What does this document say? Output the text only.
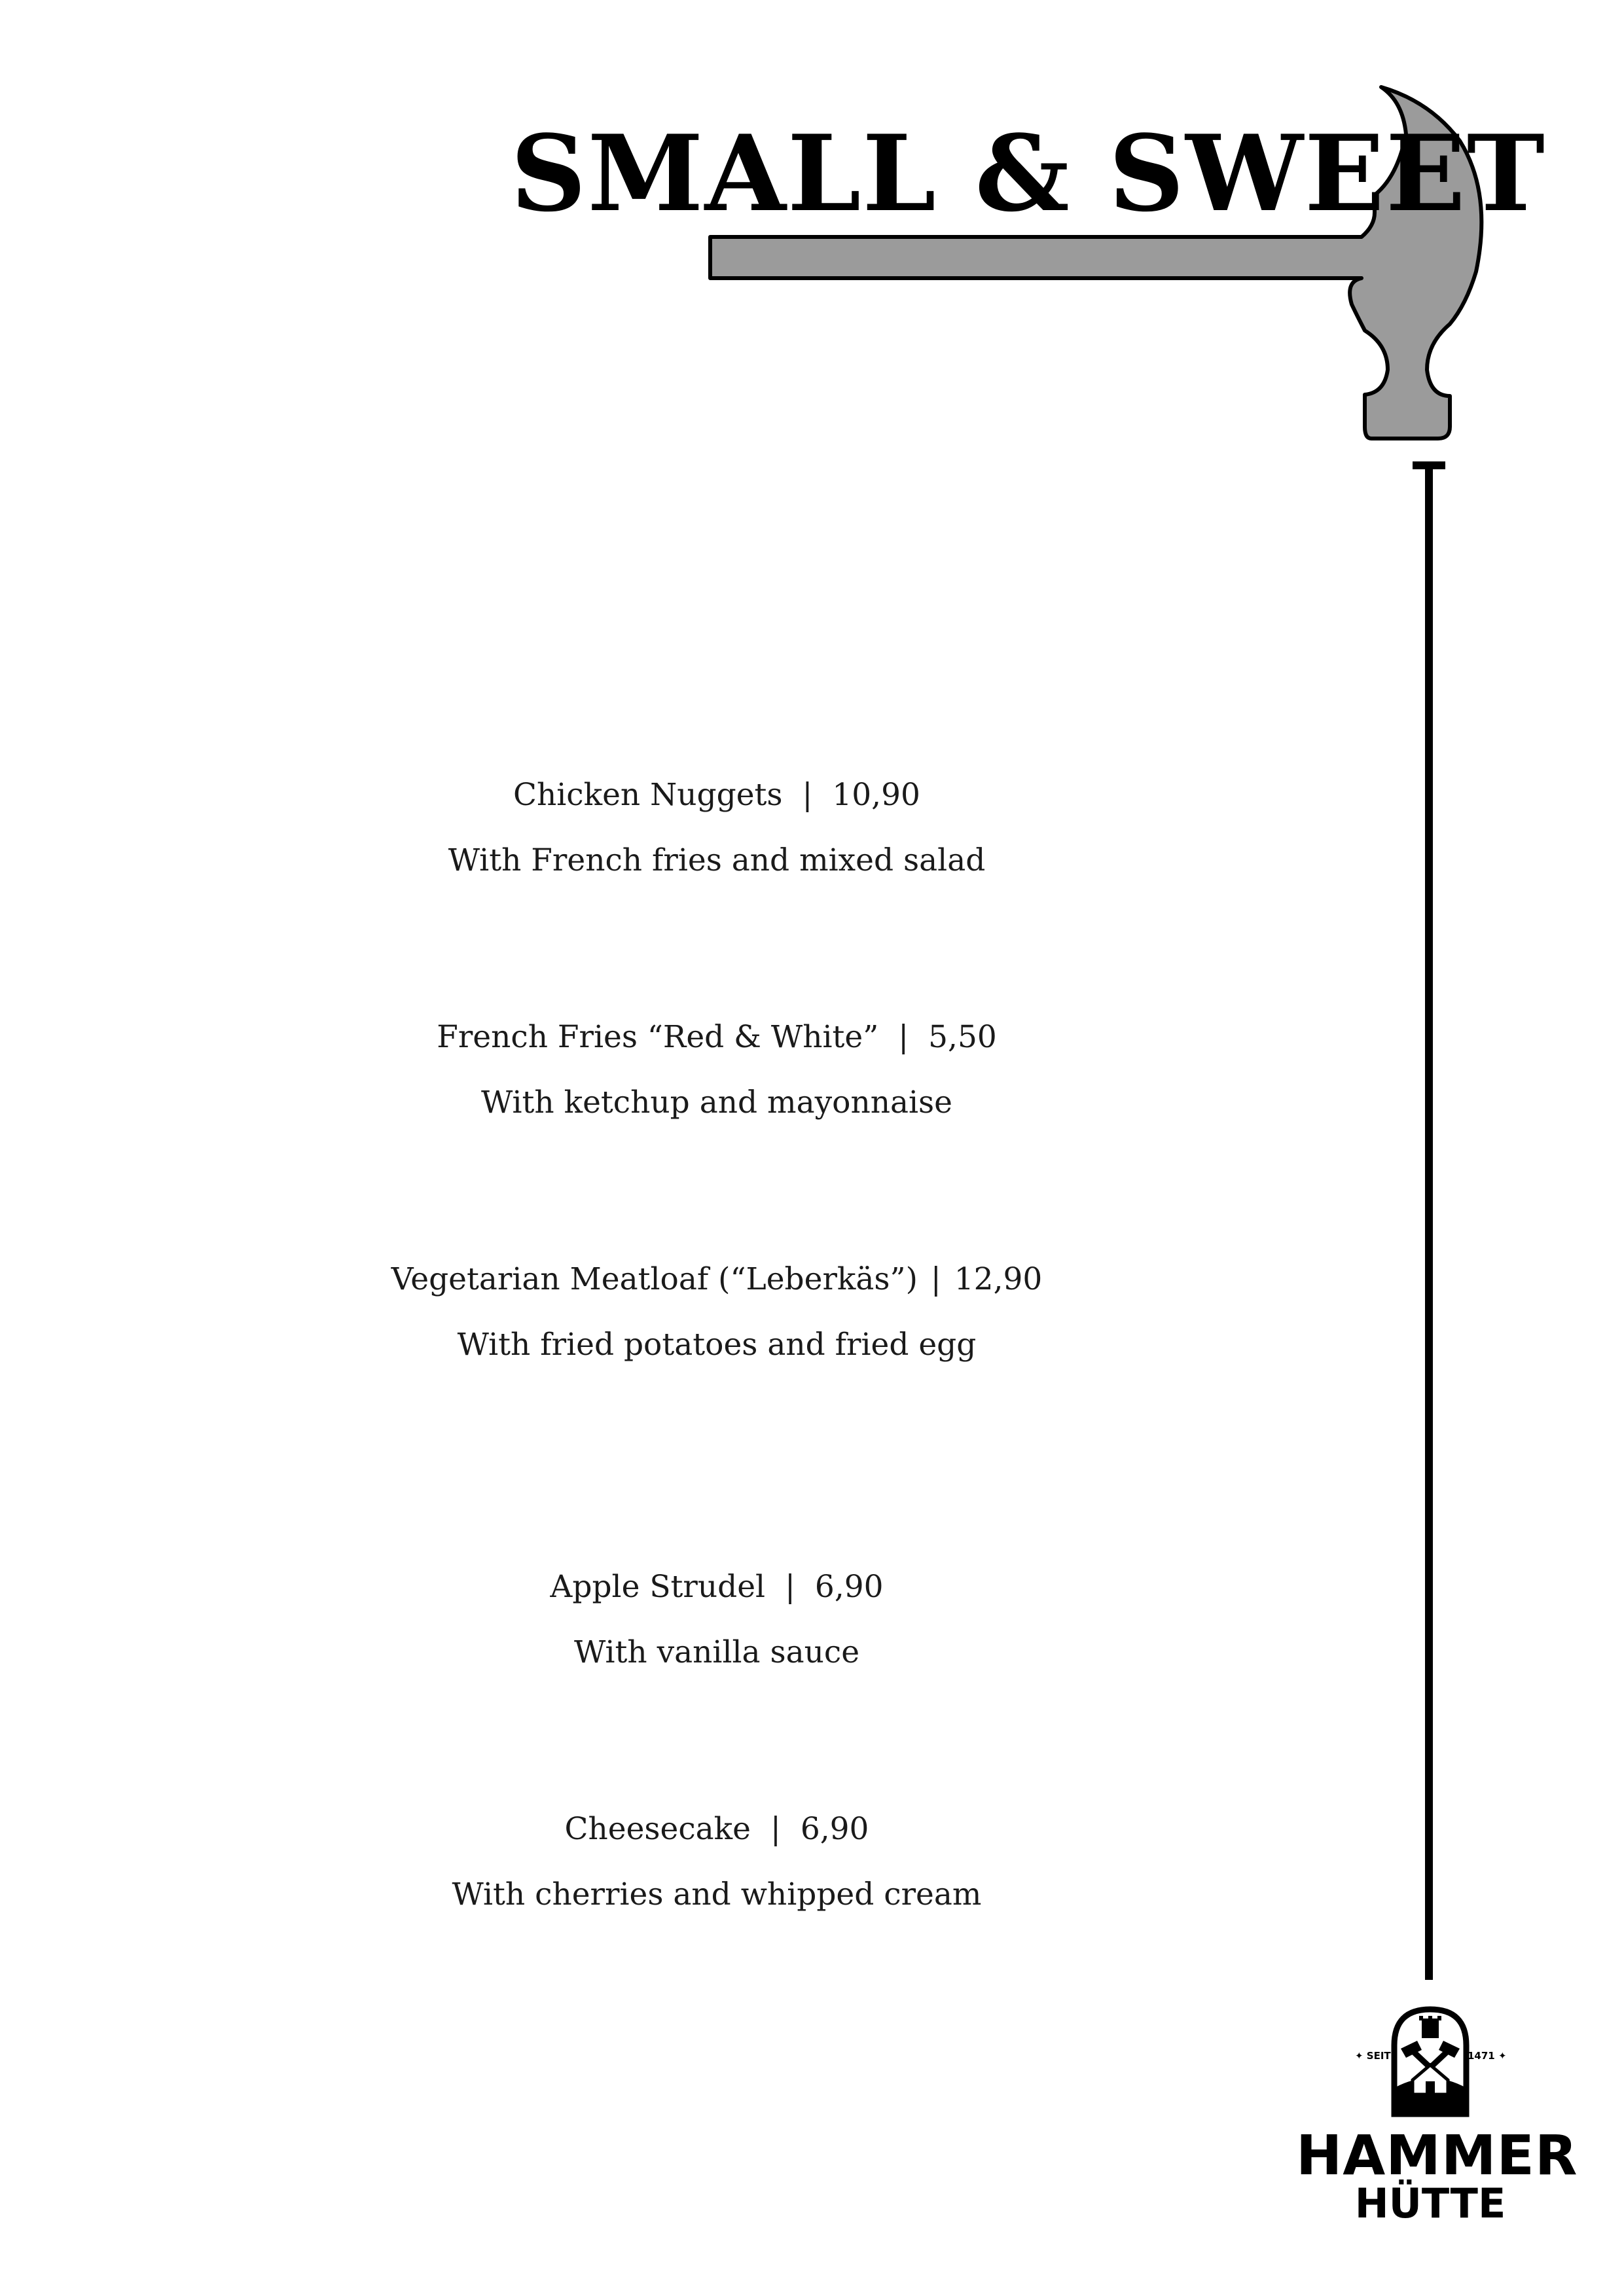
SMALL & SWEET
Chicken Nuggets | 10,90
With French fries and mixed salad
French Fries “Red & White” | 5,50
With ketchup and mayonnaise
Vegetarian Meatloaf (“Leberkäs”) | 12,90
With fried potatoes and fried egg
Apple Strudel | 6,90
With vanilla sauce
Cheesecake | 6,90
With cherries and whipped cream
✦ SEIT	1471 ✦
HAMMER
HÜTTE
